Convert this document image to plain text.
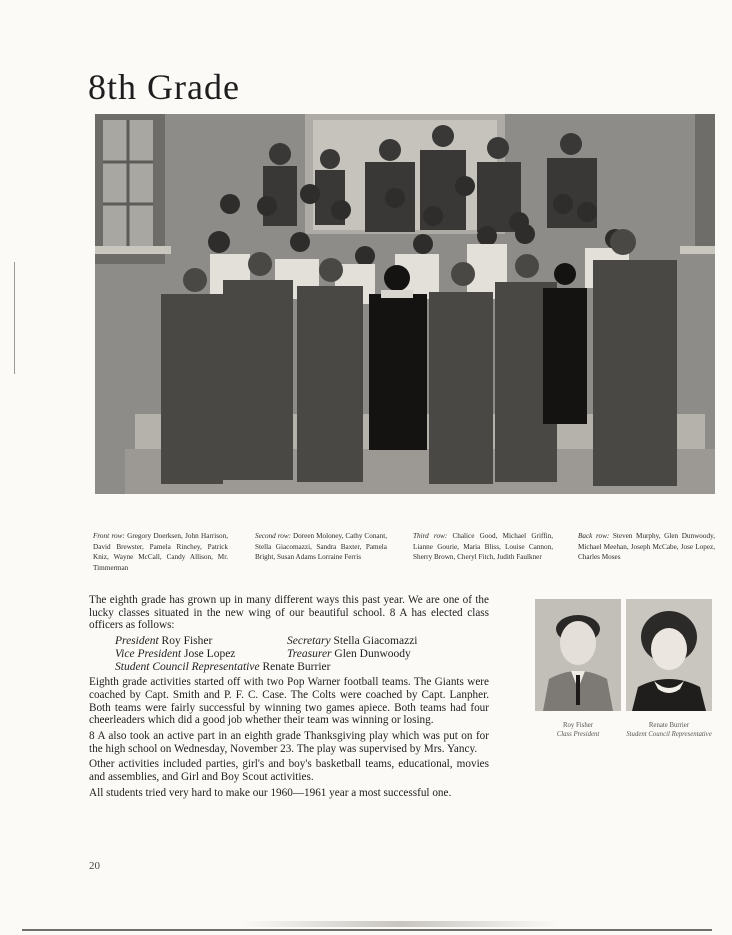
8th Grade
Front row: Gregory Doerksen, John Harrison, David Brewster, Pamela Rinchey, Patrick Kniz, Wayne McCall, Candy Allison, Mr. Timmerman
Second row: Doreen Moloney, Cathy Conant, Stella Giacomazzi, Sandra Baxter, Pamela Bright, Susan Adams Lorraine Ferris
Third row: Chalice Good, Michael Griffin, Lianne Gourie, Maria Bliss, Louise Cannon, Sherry Brown, Cheryl Fitch, Judith Faulkner
Back row: Steven Murphy, Glen Dunwoody, Michael Meehan, Joseph McCabe, Jose Lopez, Charles Moses

The eighth grade has grown up in many different ways this past year. We are one of the lucky classes situated in the new wing of our beautiful school. 8 A has elected class officers as follows:

President Roy Fisher	Secretary Stella Giacomazzi
Vice President Jose Lopez	Treasurer Glen Dunwoody
Student Council Representative Renate Burrier

Eighth grade activities started off with two Pop Warner football teams. The Giants were coached by Capt. Smith and P. F. C. Case. The Colts were coached by Capt. Lanpher. Both teams were fairly successful by winning two games apiece. Both teams had four cheerleaders which did a good job whether their team was winning or losing.

8 A also took an active part in an eighth grade Thanksgiving play which was put on for the high school on Wednesday, November 23. The play was supervised by Mrs. Yancy.

Other activities included parties, girl's and boy's basketball teams, educational, movies and assemblies, and Girl and Boy Scout activities.

All students tried very hard to make our 1960—1961 year a most successful one.

Roy Fisher
Class President
Renate Burrier
Student Council Representative
20
